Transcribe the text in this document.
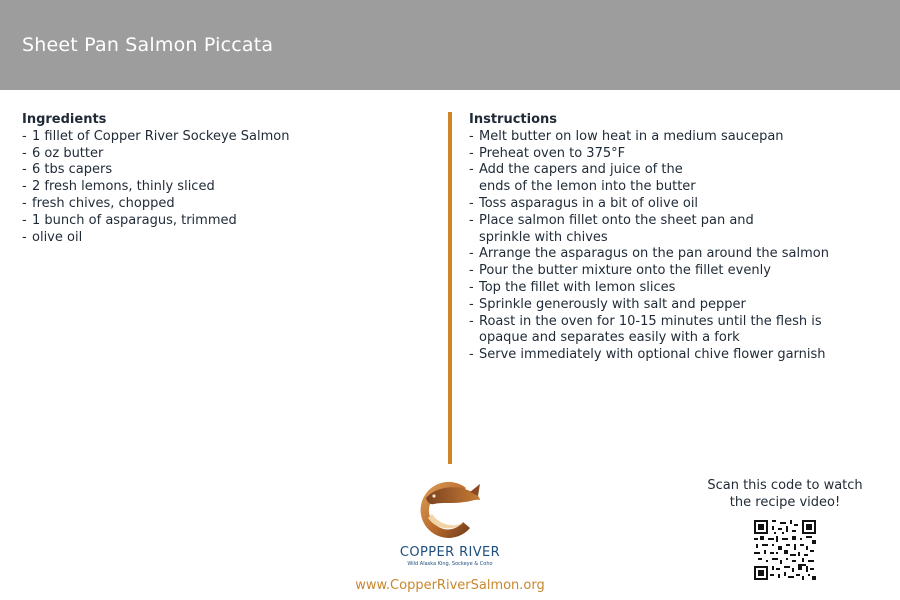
Sheet Pan Salmon Piccata
Ingredients
- 1 fillet of Copper River Sockeye Salmon
- 6 oz butter
- 6 tbs capers
- 2 fresh lemons, thinly sliced
- fresh chives, chopped
- 1 bunch of asparagus, trimmed
- olive oil
Instructions
- Melt butter on low heat in a medium saucepan
- Preheat oven to 375°F
- Add the capers and juice of the
ends of the lemon into the butter
- Toss asparagus in a bit of olive oil
- Place salmon fillet onto the sheet pan and
sprinkle with chives
- Arrange the asparagus on the pan around the salmon
- Pour the butter mixture onto the fillet evenly
- Top the fillet with lemon slices
- Sprinkle generously with salt and pepper
- Roast in the oven for 10-15 minutes until the flesh is
opaque and separates easily with a fork
- Serve immediately with optional chive flower garnish
COPPER RIVER
Wild Alaska King, Sockeye & Coho
www.CopperRiverSalmon.org
Scan this code to watch
the recipe video!
